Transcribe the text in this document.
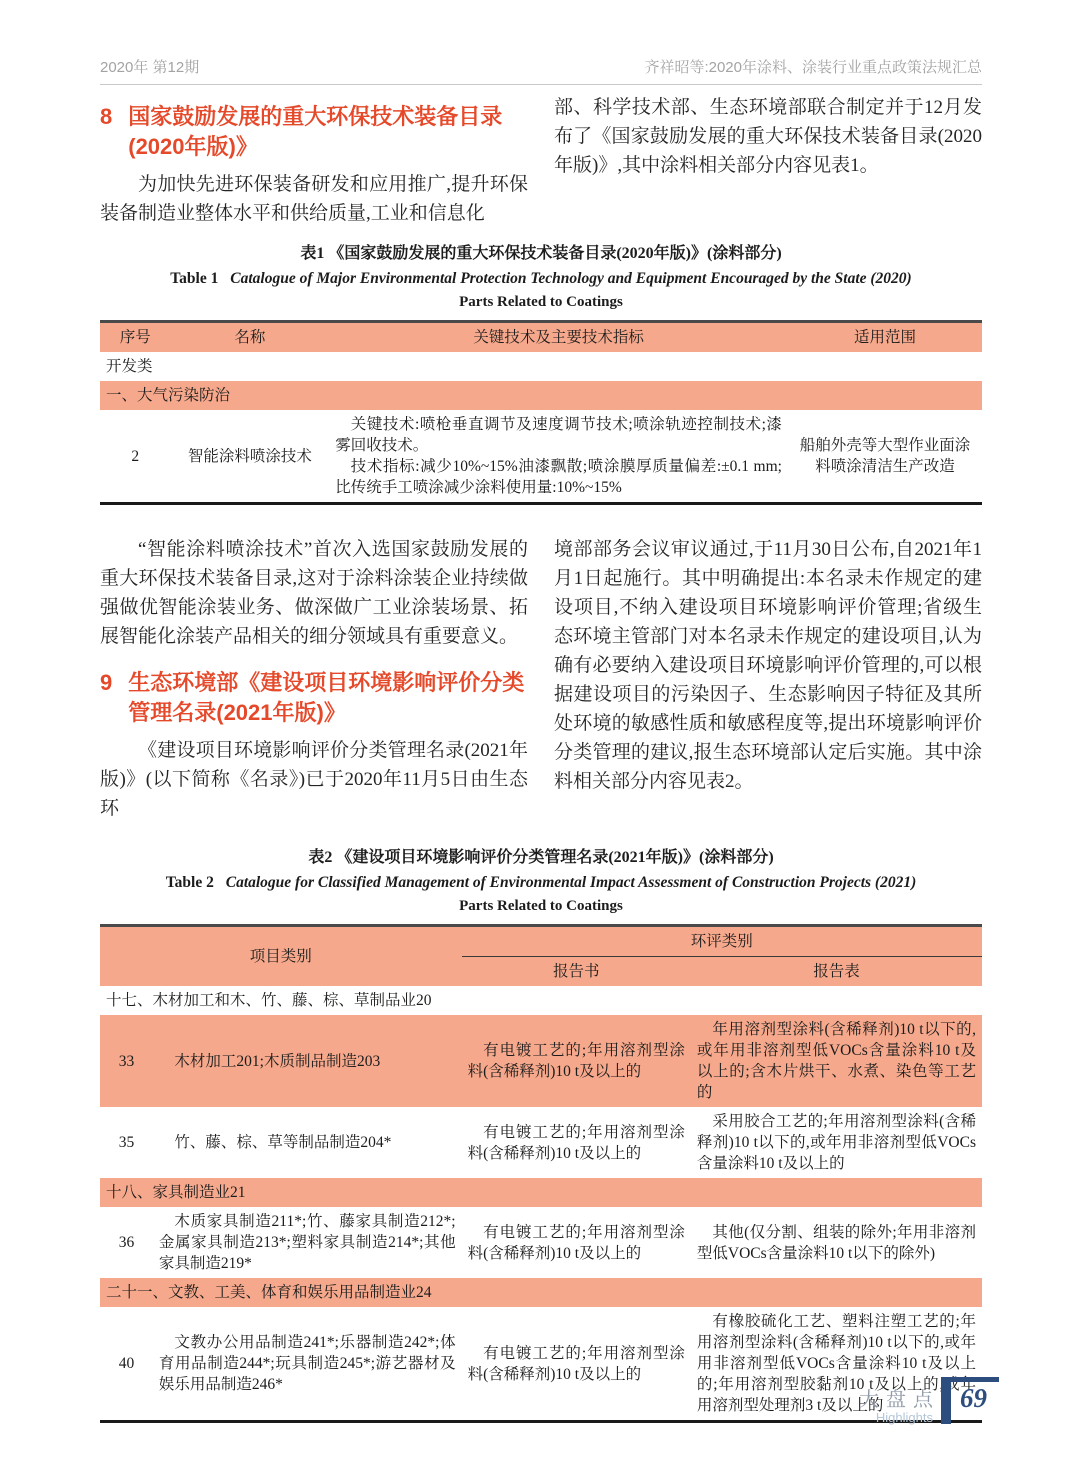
2020年 第12期	齐祥昭等:2020年涂料、涂装行业重点政策法规汇总
8 国家鼓励发展的重大环保技术装备目录(2020年版)》

为加快先进环保装备研发和应用推广,提升环保装备制造业整体水平和供给质量,工业和信息化

部、科学技术部、生态环境部联合制定并于12月发布了《国家鼓励发展的重大环保技术装备目录(2020年版)》,其中涂料相关部分内容见表1。

表1 《国家鼓励发展的重大环保技术装备目录(2020年版)》(涂料部分)
Table 1 Catalogue of Major Environmental Protection Technology and Equipment Encouraged by the State (2020)
Parts Related to Coatings
序号	名称	关键技术及主要技术指标	适用范围
开发类			
一、大气污染防治			
2	智能涂料喷涂技术	关键技术:喷枪垂直调节及速度调节技术;喷涂轨迹控制技术;漆雾回收技术。

技术指标:减少10%~15%油漆飘散;喷涂膜厚质量偏差:±0.1 mm;比传统手工喷涂减少涂料使用量:10%~15%	船舶外壳等大型作业面涂料喷涂清洁生产改造

“智能涂料喷涂技术”首次入选国家鼓励发展的重大环保技术装备目录,这对于涂料涂装企业持续做强做优智能涂装业务、做深做广工业涂装场景、拓展智能化涂装产品相关的细分领域具有重要意义。

9 生态环境部《建设项目环境影响评价分类管理名录(2021年版)》

《建设项目环境影响评价分类管理名录(2021年版)》(以下简称《名录》)已于2020年11月5日由生态环

境部部务会议审议通过,于11月30日公布,自2021年1月1日起施行。其中明确提出:本名录未作规定的建设项目,不纳入建设项目环境影响评价管理;省级生态环境主管部门对本名录未作规定的建设项目,认为确有必要纳入建设项目环境影响评价管理的,可以根据建设项目的污染因子、生态影响因子特征及其所处环境的敏感性质和敏感程度等,提出环境影响评价分类管理的建议,报生态环境部认定后实施。其中涂料相关部分内容见表2。

表2 《建设项目环境影响评价分类管理名录(2021年版)》(涂料部分)
Table 2 Catalogue for Classified Management of Environmental Impact Assessment of Construction Projects (2021)
Parts Related to Coatings
项目类别		环评类别	
		报告书	报告表
十七、木材加工和木、竹、藤、棕、草制品业20			
33	木材加工201;木质制品制造203	有电镀工艺的;年用溶剂型涂料(含稀释剂)10 t及以上的	年用溶剂型涂料(含稀释剂)10 t以下的,或年用非溶剂型低VOCs含量涂料10 t及以上的;含木片烘干、水煮、染色等工艺的
35	竹、藤、棕、草等制品制造204*	有电镀工艺的;年用溶剂型涂料(含稀释剂)10 t及以上的	采用胶合工艺的;年用溶剂型涂料(含稀释剂)10 t以下的,或年用非溶剂型低VOCs含量涂料10 t及以上的
十八、家具制造业21			
36	木质家具制造211*;竹、藤家具制造212*;金属家具制造213*;塑料家具制造214*;其他家具制造219*	有电镀工艺的;年用溶剂型涂料(含稀释剂)10 t及以上的	其他(仅分割、组装的除外;年用非溶剂型低VOCs含量涂料10 t以下的除外)
二十一、文教、工美、体育和娱乐用品制造业24			
40	文教办公用品制造241*;乐器制造242*;体育用品制造244*;玩具制造245*;游艺器材及娱乐用品制造246*	有电镀工艺的;年用溶剂型涂料(含稀释剂)10 t及以上的	有橡胶硫化工艺、塑料注塑工艺的;年用溶剂型涂料(含稀释剂)10 t以下的,或年用非溶剂型低VOCs含量涂料10 t及以上的;年用溶剂型胶黏剂10 t及以上的,或年用溶剂型处理剂3 t及以上的
大盘点
Highlights
69
